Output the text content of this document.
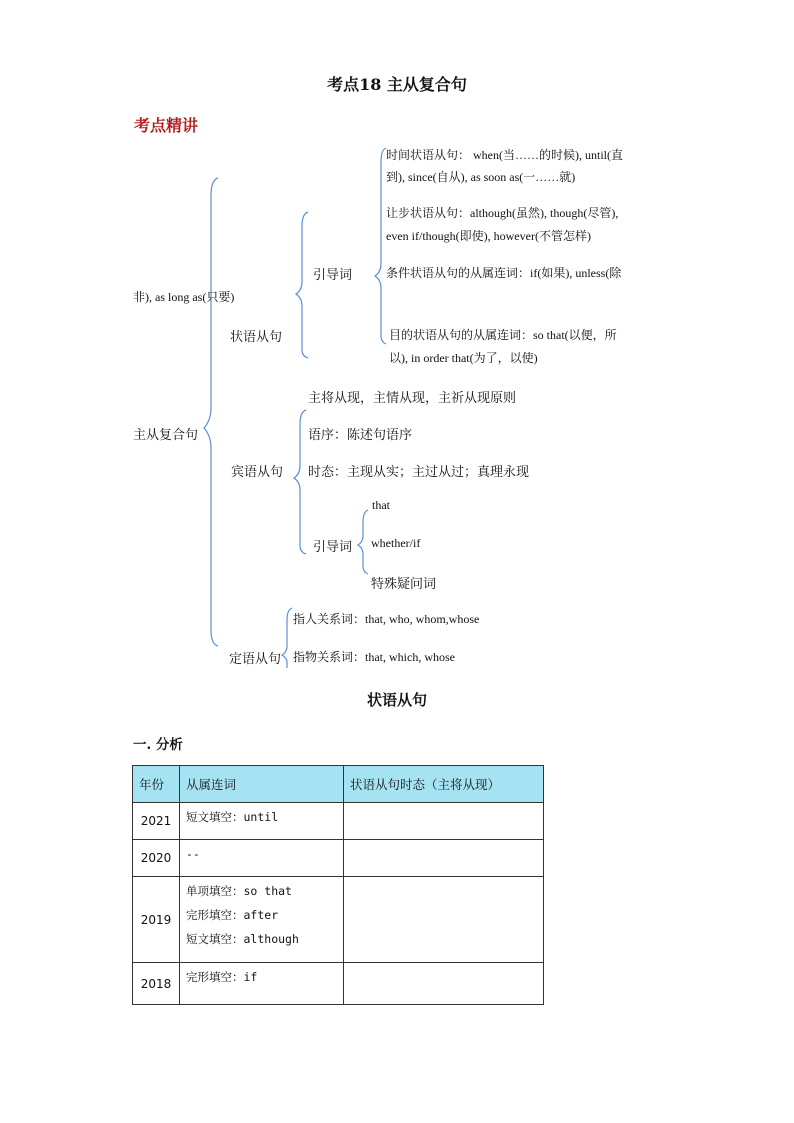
考点18 主从复合句
考点精讲
主从复合句
状语从句
引导词
时间状语从句： when(当……的时候), until(直
到), since(自从), as soon as(一……就)
让步状语从句：although(虽然), though(尽管),
even if/though(即使), however(不管怎样)
条件状语从句的从属连词：if(如果), unless(除
非), as long as(只要)
目的状语从句的从属连词：so that(以便，所
以), in order that(为了，以使)
主将从现，主情从现，主祈从现原则
宾语从句
语序：陈述句语序
时态：主现从实；主过从过；真理永现
引导词
that
whether/if
特殊疑问词
定语从句
指人关系词：that, who, whom,whose
指物关系词：that, which, whose
状语从句
一. 分析
年份	从属连词	状语从句时态（主将从现）
2021	短文填空：until	

2020	--	

2019	单项填空：so that
完形填空：after
短文填空：although	

2018	完形填空：if	
